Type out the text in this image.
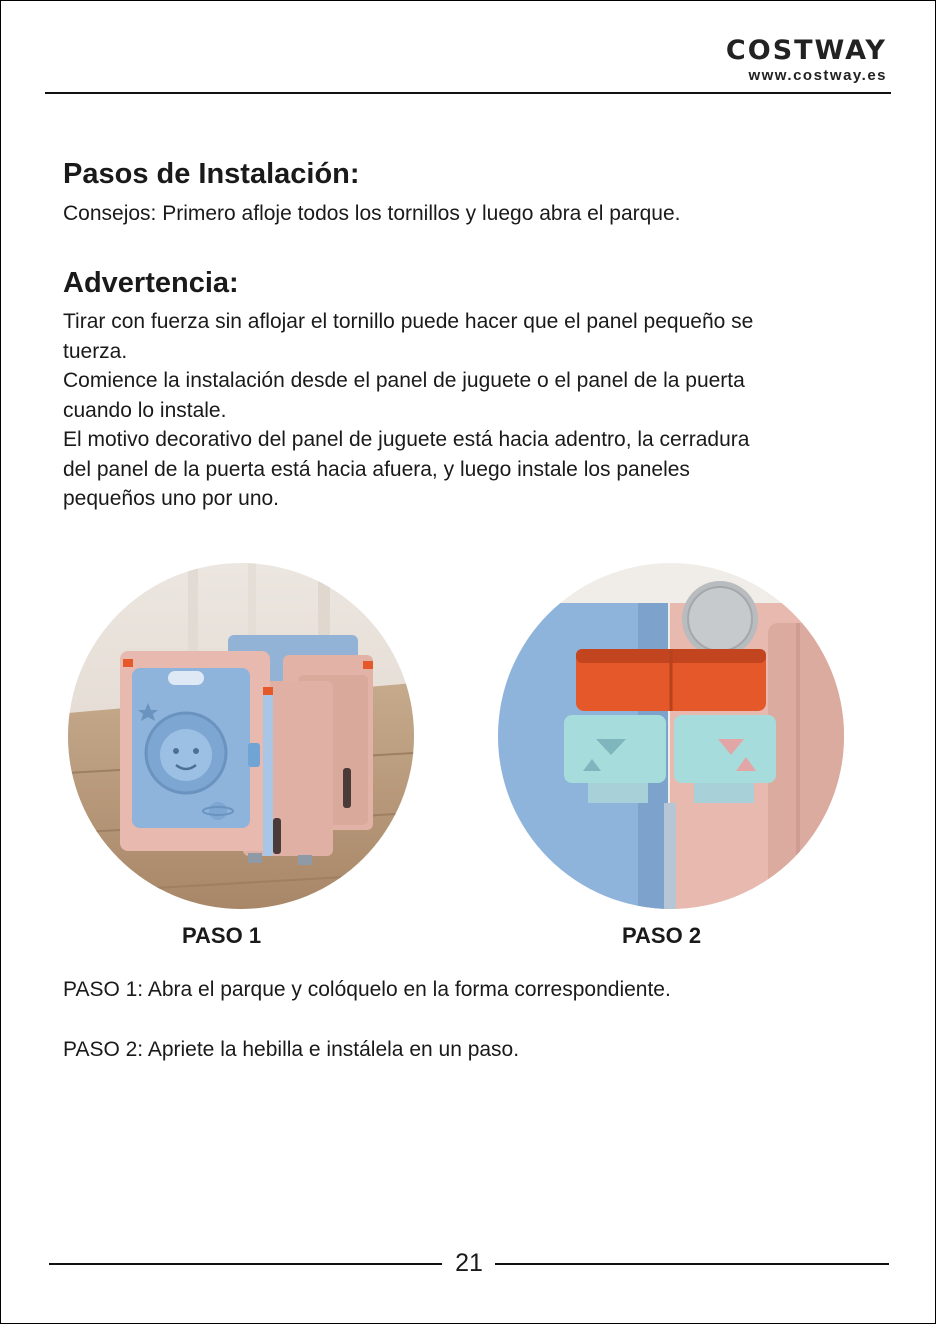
COSTWAY
www.costway.es
Pasos de Instalación:
Consejos: Primero afloje todos los tornillos y luego abra el parque.
Advertencia:
Tirar con fuerza sin aflojar el tornillo puede hacer que el panel pequeño se
tuerza.
Comience la instalación desde el panel de juguete o el panel de la puerta
cuando lo instale.
El motivo decorativo del panel de juguete está hacia adentro, la cerradura
del panel de la puerta está hacia afuera, y luego instale los paneles
pequeños uno por uno.
PASO 1	PASO 2
PASO 1: Abra el parque y colóquelo en la forma correspondiente.
PASO 2: Apriete la hebilla e instálela en un paso.
21
